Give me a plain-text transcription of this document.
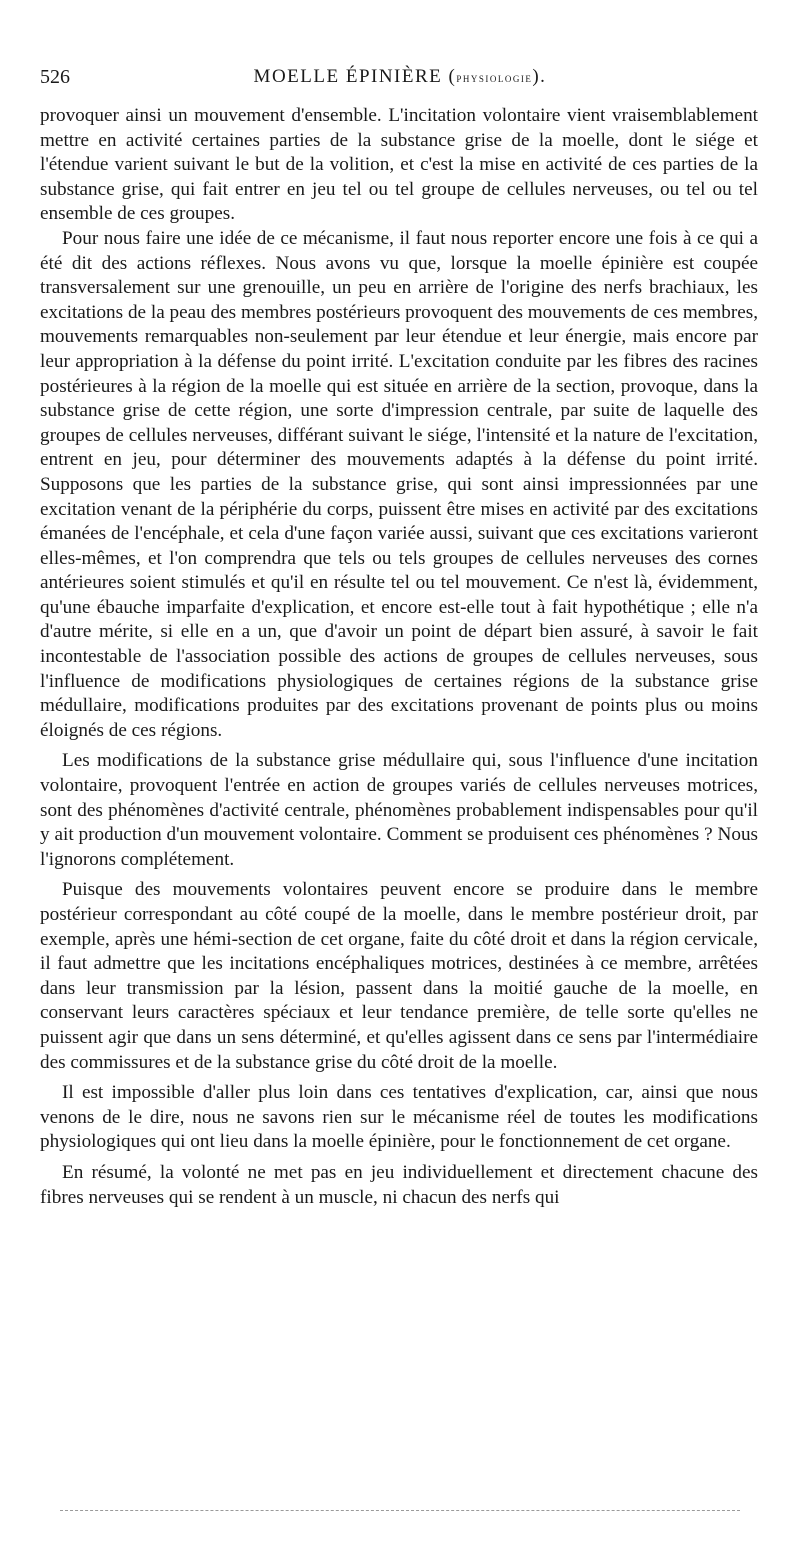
526	MOELLE ÉPINIÈRE (physiologie).

provoquer ainsi un mouvement d'ensemble. L'incitation volontaire vient vraisemblablement mettre en activité certaines parties de la substance grise de la moelle, dont le siége et l'étendue varient suivant le but de la volition, et c'est la mise en activité de ces parties de la substance grise, qui fait entrer en jeu tel ou tel groupe de cellules nerveuses, ou tel ou tel ensemble de ces groupes.

Pour nous faire une idée de ce mécanisme, il faut nous reporter encore une fois à ce qui a été dit des actions réflexes. Nous avons vu que, lorsque la moelle épinière est coupée transversalement sur une grenouille, un peu en arrière de l'origine des nerfs brachiaux, les excitations de la peau des membres postérieurs provoquent des mouvements de ces membres, mouvements remarquables non-seulement par leur étendue et leur énergie, mais encore par leur appropriation à la défense du point irrité. L'excitation conduite par les fibres des racines postérieures à la région de la moelle qui est située en arrière de la section, provoque, dans la substance grise de cette région, une sorte d'impression centrale, par suite de laquelle des groupes de cellules nerveuses, différant suivant le siége, l'intensité et la nature de l'excitation, entrent en jeu, pour déterminer des mouvements adaptés à la défense du point irrité. Supposons que les parties de la substance grise, qui sont ainsi impressionnées par une excitation venant de la périphérie du corps, puissent être mises en activité par des excitations émanées de l'encéphale, et cela d'une façon variée aussi, suivant que ces excitations varieront elles-mêmes, et l'on comprendra que tels ou tels groupes de cellules nerveuses des cornes antérieures soient stimulés et qu'il en résulte tel ou tel mouvement. Ce n'est là, évidemment, qu'une ébauche imparfaite d'explication, et encore est-elle tout à fait hypothétique ; elle n'a d'autre mérite, si elle en a un, que d'avoir un point de départ bien assuré, à savoir le fait incontestable de l'association possible des actions de groupes de cellules nerveuses, sous l'influence de modifications physiologiques de certaines régions de la substance grise médullaire, modifications produites par des excitations provenant de points plus ou moins éloignés de ces régions.

Les modifications de la substance grise médullaire qui, sous l'influence d'une incitation volontaire, provoquent l'entrée en action de groupes variés de cellules nerveuses motrices, sont des phénomènes d'activité centrale, phénomènes probablement indispensables pour qu'il y ait production d'un mouvement volontaire. Comment se produisent ces phénomènes ? Nous l'ignorons complétement.

Puisque des mouvements volontaires peuvent encore se produire dans le membre postérieur correspondant au côté coupé de la moelle, dans le membre postérieur droit, par exemple, après une hémi-section de cet organe, faite du côté droit et dans la région cervicale, il faut admettre que les incitations encéphaliques motrices, destinées à ce membre, arrêtées dans leur transmission par la lésion, passent dans la moitié gauche de la moelle, en conservant leurs caractères spéciaux et leur tendance première, de telle sorte qu'elles ne puissent agir que dans un sens déterminé, et qu'elles agissent dans ce sens par l'intermédiaire des commissures et de la substance grise du côté droit de la moelle.

Il est impossible d'aller plus loin dans ces tentatives d'explication, car, ainsi que nous venons de le dire, nous ne savons rien sur le mécanisme réel de toutes les modifications physiologiques qui ont lieu dans la moelle épinière, pour le fonctionnement de cet organe.

En résumé, la volonté ne met pas en jeu individuellement et directement chacune des fibres nerveuses qui se rendent à un muscle, ni chacun des nerfs qui
